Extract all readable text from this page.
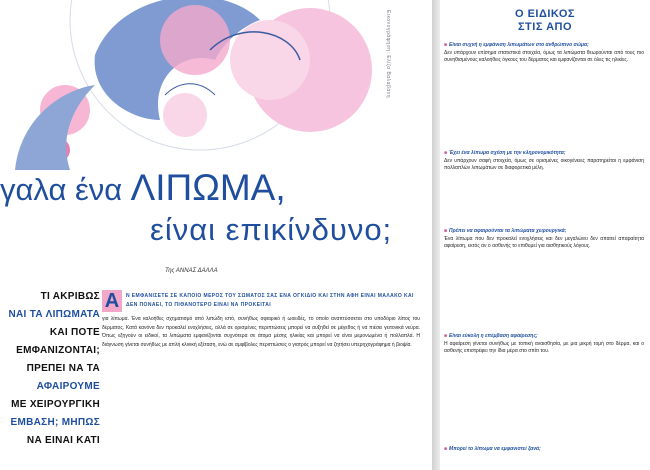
Εικονογράφηση: Ελίζα Βαλαβάνη
γαλα ένα ΛΙΠΩΜΑ,
είναι επικίνδυνο;
Της ΑΝΝΑΣ ΔΑΛΛΑ
ΤΙ ΑΚΡΙΒΩΣ
ΝΑΙ ΤΑ ΛΙΠΩΜΑΤΑ
ΚΑΙ ΠΟΤΕ
ΕΜΦΑΝΙΖΟΝΤΑΙ;
ΠΡΕΠΕΙ ΝΑ ΤΑ
ΑΦΑΙΡΟΥΜΕ
ΜΕ ΧΕΙΡΟΥΡΓΙΚΗ
ΕΜΒΑΣΗ; ΜΗΠΩΣ
ΝΑ ΕΙΝΑΙ ΚΑΤΙ
Α	Ν ΕΜΦΑΝΙΣΕΤΕ ΣΕ ΚΑΠΟΙΟ ΜΕΡΟΣ ΤΟΥ ΣΩΜΑΤΟΣ ΣΑΣ ΕΝΑ ΟΓΚΙΔΙΟ ΚΑΙ ΣΤΗΝ ΑΦΗ ΕΙΝΑΙ ΜΑΛΑΚΟ ΚΑΙ ΔΕΝ ΠΟΝΑΕΙ, ΤΟ ΠΙΘΑΝΟΤΕΡΟ ΕΙΝΑΙ ΝΑ ΠΡΟΚΕΙΤΑΙ
για λίπωμα. Ένα καλοήθες σχηματισμό από λιπώδη ιστό, συνήθως σφαιρικό ή ωοειδές, το οποίο αναπτύσσεται στο υποδόριο λίπος του δέρματος. Κατά κανόνα δεν προκαλεί ενοχλήσεις, αλλά σε ορισμένες περιπτώσεις μπορεί να αυξηθεί σε μέγεθος ή να πιέσει γειτονικά νεύρα. Όπως εξηγούν οι ειδικοί, τα λιπώματα εμφανίζονται συχνότερα σε άτομα μέσης ηλικίας και μπορεί να είναι μεμονωμένα ή πολλαπλά. Η διάγνωση γίνεται συνήθως με απλή κλινική εξέταση, ενώ σε αμφίβολες περιπτώσεις ο γιατρός μπορεί να ζητήσει υπερηχογράφημα ή βιοψία.
Ο ΕΙΔΙΚΟΣ
ΣΤΙΣ ΑΠΟ
■ Είναι συχνή η εμφάνιση λιπωμάτων στο ανθρώπινο σώμα;
Δεν υπάρχουν επίσημα στατιστικά στοιχεία, όμως τα λιπώματα θεωρούνται από τους πιο συνηθισμένους καλοήθεις όγκους του δέρματος και εμφανίζονται σε όλες τις ηλικίες.
■ Έχει ένα λίπωμα σχέση με την κληρονομικότητα;
Δεν υπάρχουν σαφή στοιχεία, όμως σε ορισμένες οικογένειες παρατηρείται η εμφάνιση πολλαπλών λιπωμάτων σε διαφορετικά μέλη.
■ Πρέπει να αφαιρούνται τα λιπώματα χειρουργικά;
Ένα λίπωμα που δεν προκαλεί ενοχλήσεις και δεν μεγαλώνει δεν απαιτεί απαραίτητα αφαίρεση, εκτός αν ο ασθενής το επιθυμεί για αισθητικούς λόγους.
■ Είναι εύκολη η επέμβαση αφαίρεσης;
Η αφαίρεση γίνεται συνήθως με τοπική αναισθησία, με μια μικρή τομή στο δέρμα, και ο ασθενής επιστρέφει την ίδια μέρα στο σπίτι του.
■ Μπορεί το λίπωμα να εμφανιστεί ξανά;
